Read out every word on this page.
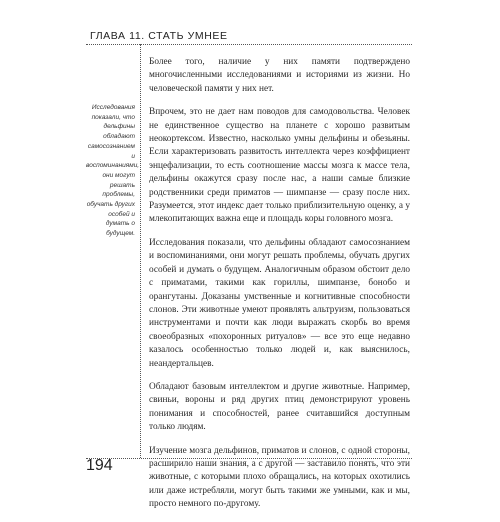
ГЛАВА 11. СТАТЬ УМНЕЕ
Исследования показали, что дельфины обладают самосознанием и воспоминаниями, они могут решать проблемы, обучать других особей и думать о будущем.

Более того, наличие у них памяти подтверждено многочисленными исследованиями и историями из жизни. Но человеческой памяти у них нет.

Впрочем, это не дает нам поводов для самодовольства. Человек не единственное существо на планете с хорошо развитым неокортексом. Известно, насколько умны дельфины и обезьяны. Если характеризовать развитость интеллекта через коэффициент энцефализации, то есть соотношение массы мозга к массе тела, дельфины окажутся сразу после нас, а наши самые близкие родственники среди приматов — шимпанзе — сразу после них. Разумеется, этот индекс дает только приблизительную оценку, а у млекопитающих важна еще и площадь коры головного мозга.

Исследования показали, что дельфины обладают самосознанием и воспоминаниями, они могут решать проблемы, обучать других особей и думать о будущем. Аналогичным образом обстоит дело с приматами, такими как гориллы, шимпанзе, бонобо и орангутаны. Доказаны умственные и когнитивные способности слонов. Эти животные умеют проявлять альтруизм, пользоваться инструментами и почти как люди выражать скорбь во время своеобразных «похоронных ритуалов» — все это еще недавно казалось особенностью только людей и, как выяснилось, неандертальцев.

Обладают базовым интеллектом и другие животные. Например, свиньи, вороны и ряд других птиц демонстрируют уровень понимания и способностей, ранее считавшийся доступным только людям.

Изучение мозга дельфинов, приматов и слонов, с одной стороны, расширило наши знания, а с другой — заставило понять, что эти животные, с которыми плохо обращались, на которых охотились или даже истребляли, могут быть такими же умными, как и мы, просто немного по-другому.

194
